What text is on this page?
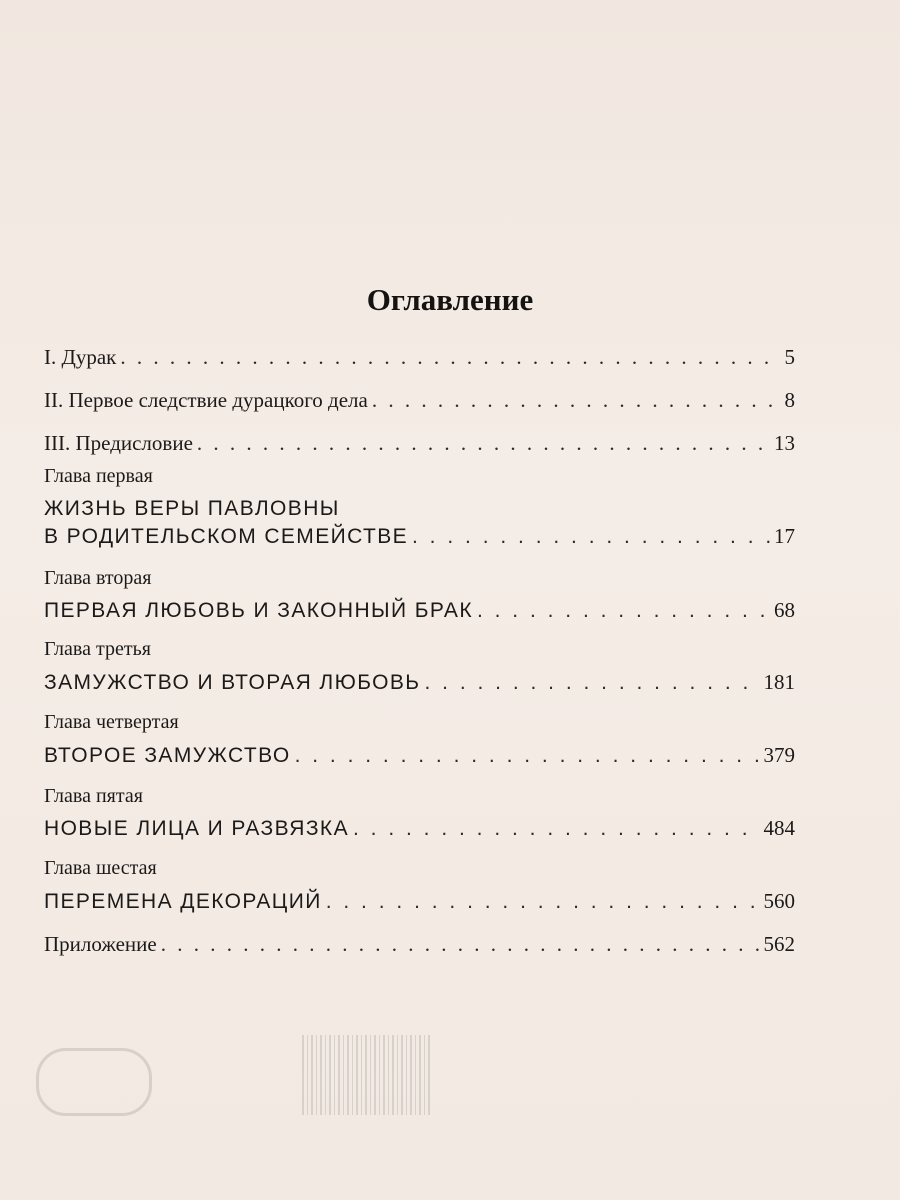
Оглавление
I. Дурак . . .	5
II. Первое следствие дурацкого дела . . .	8
III. Предисловие . . .	13
Глава первая
ЖИЗНЬ ВЕРЫ ПАВЛОВНЫ
В РОДИТЕЛЬСКОМ СЕМЕЙСТВЕ . . .	17
Глава вторая
ПЕРВАЯ ЛЮБОВЬ И ЗАКОННЫЙ БРАК . . .	68
Глава третья
ЗАМУЖСТВО И ВТОРАЯ ЛЮБОВЬ . . .	181
Глава четвертая
ВТОРОЕ ЗАМУЖСТВО . . .	379
Глава пятая
НОВЫЕ ЛИЦА И РАЗВЯЗКА . . .	484
Глава шестая
ПЕРЕМЕНА ДЕКОРАЦИЙ . . .	560
Приложение . . .	562
